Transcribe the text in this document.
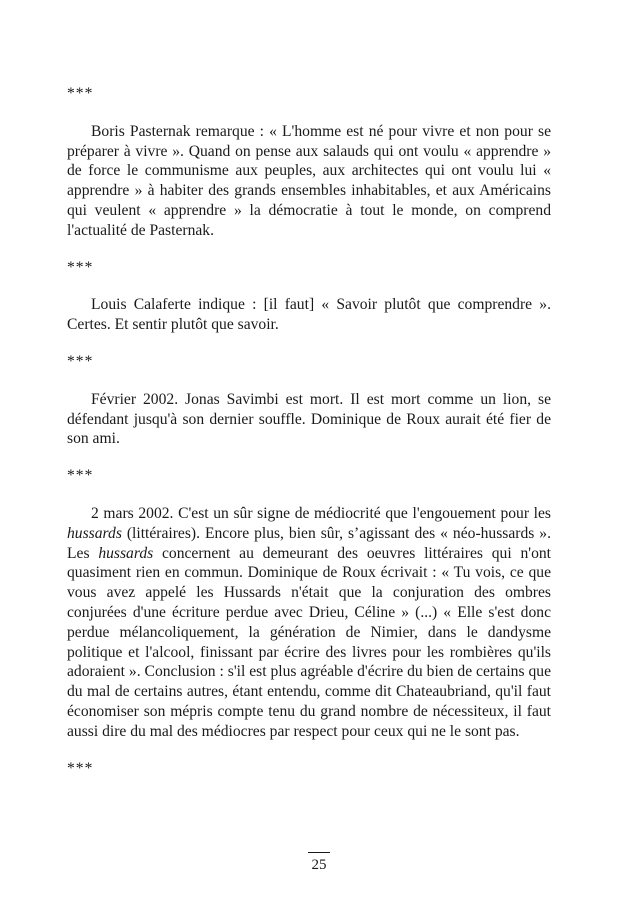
***

Boris Pasternak remarque : « L'homme est né pour vivre et non pour se préparer à vivre ». Quand on pense aux salauds qui ont voulu « apprendre » de force le communisme aux peuples, aux architectes qui ont voulu lui « apprendre » à habiter des grands ensembles inhabitables, et aux Américains qui veulent « apprendre » la démocratie à tout le monde, on comprend l'actualité de Pasternak.

***

Louis Calaferte indique : [il faut] « Savoir plutôt que comprendre ». Certes. Et sentir plutôt que savoir.

***

Février 2002. Jonas Savimbi est mort. Il est mort comme un lion, se défendant jusqu'à son dernier souffle. Dominique de Roux aurait été fier de son ami.

***

2 mars 2002. C'est un sûr signe de médiocrité que l'engouement pour les hussards (littéraires). Encore plus, bien sûr, s’agissant des « néo-hussards ». Les hussards concernent au demeurant des oeuvres littéraires qui n'ont quasiment rien en commun. Dominique de Roux écrivait : « Tu vois, ce que vous avez appelé les Hussards n'était que la conjuration des ombres conjurées d'une écriture perdue avec Drieu, Céline » (...) « Elle s'est donc perdue mélancoliquement, la génération de Nimier, dans le dandysme politique et l'alcool, finissant par écrire des livres pour les rombières qu'ils adoraient ». Conclusion : s'il est plus agréable d'écrire du bien de certains que du mal de certains autres, étant entendu, comme dit Chateaubriand, qu'il faut économiser son mépris compte tenu du grand nombre de nécessiteux, il faut aussi dire du mal des médiocres par respect pour ceux qui ne le sont pas.

***

25
